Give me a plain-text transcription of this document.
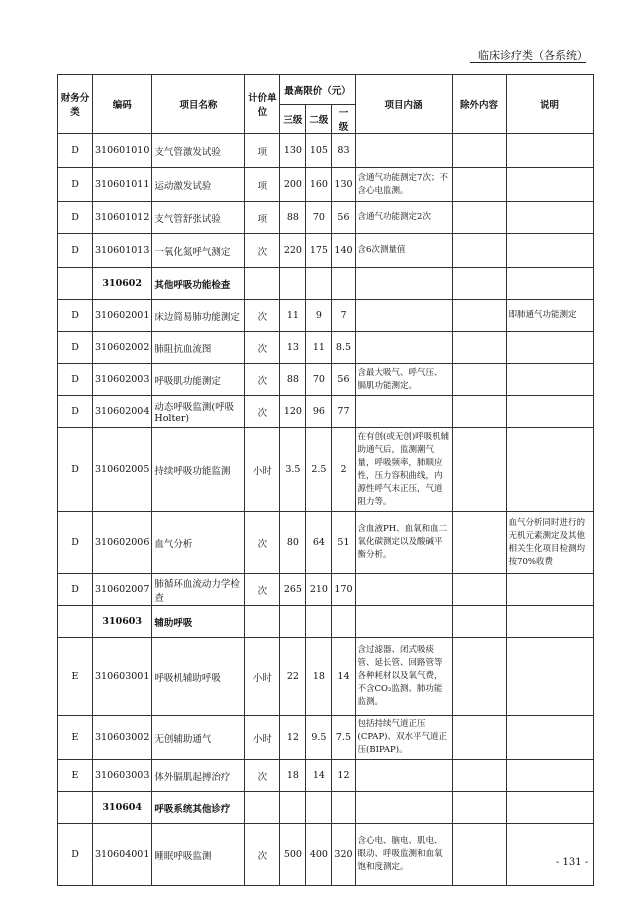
临床诊疗类（各系统）
财务分类	编码	项目名称	计价单位	最高限价（元）			项目内涵	除外内容	说明
				三级	二级	一级			
D	310601010	支气管激发试验	项	130	105	83			
D	310601011	运动激发试验	项	200	160	130	含通气功能测定7次；不含心电监测。		
D	310601012	支气管舒张试验	项	88	70	56	含通气功能测定2次		
D	310601013	一氧化氮呼气测定	次	220	175	140	含6次测量值		
	310602	其他呼吸功能检查							
D	310602001	床边简易肺功能测定	次	11	9	7			即肺通气功能测定
D	310602002	肺阻抗血流图	次	13	11	8.5			
D	310602003	呼吸肌功能测定	次	88	70	56	含最大吸气、呼气压、膈肌功能测定。		
D	310602004	动态呼吸监测(呼吸Holter)	次	120	96	77			
D	310602005	持续呼吸功能监测	小时	3.5	2.5	2	在有创(或无创)呼吸机辅助通气后，监测潮气量，呼吸频率，肺顺应性，压力容积曲线，内源性呼气末正压，气道阻力等。		
D	310602006	血气分析	次	80	64	51	含血液PH、血氧和血二氧化碳测定以及酸碱平衡分析。		血气分析同时进行的无机元素测定及其他相关生化项目检测均按70%收费
D	310602007	肺循环血流动力学检查	次	265	210	170			
	310603	辅助呼吸							
E	310603001	呼吸机辅助呼吸	小时	22	18	14	含过滤器、闭式吸痰管、延长管、回路管等各种耗材以及氧气费，不含CO₂监测、肺功能监测。		
E	310603002	无创辅助通气	小时	12	9.5	7.5	包括持续气道正压(CPAP)、双水平气道正压(BIPAP)。		
E	310603003	体外膈肌起搏治疗	次	18	14	12			
	310604	呼吸系统其他诊疗							
D	310604001	睡眠呼吸监测	次	500	400	320	含心电、脑电、肌电、眼动、呼吸监测和血氧饱和度测定。			- 131 -
